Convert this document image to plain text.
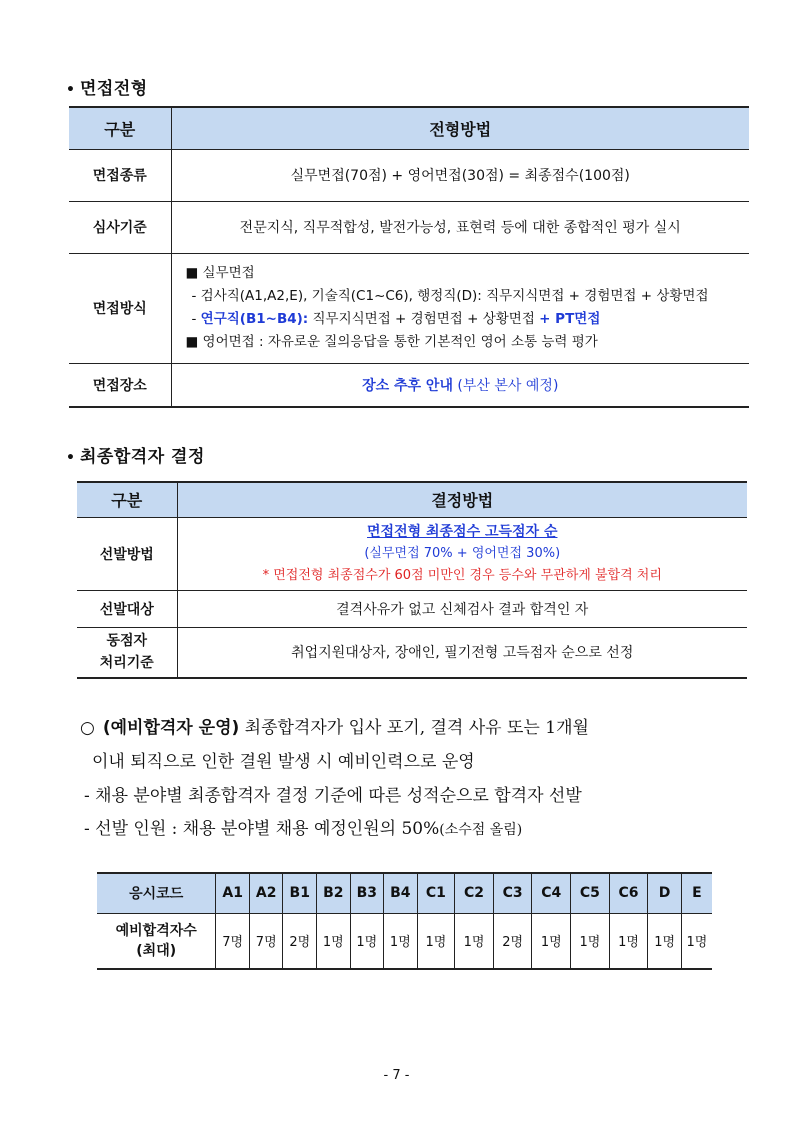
• 면접전형
구분	전형방법
면접종류	실무면접(70점) + 영어면접(30점) = 최종점수(100점)
심사기준	전문지식, 직무적합성, 발전가능성, 표현력 등에 대한 종합적인 평가 실시
면접방식	■ 실무면접
- 검사직(A1,A2,E), 기술직(C1~C6), 행정직(D): 직무지식면접 + 경험면접 + 상황면접
- 연구직(B1~B4): 직무지식면접 + 경험면접 + 상황면접 + PT면접
■ 영어면접 : 자유로운 질의응답을 통한 기본적인 영어 소통 능력 평가

면접장소	장소 추후 안내 (부산 본사 예정)
• 최종합격자 결정
구분	결정방법
선발방법	면접전형 최종점수 고득점자 순
(실무면접 70% + 영어면접 30%)
* 면접전형 최종점수가 60점 미만인 경우 등수와 무관하게 불합격 처리

선발대상	결격사유가 없고 신체검사 결과 합격인 자

동점자
처리기준	취업지원대상자, 장애인, 필기전형 고득점자 순으로 선정
○ (예비합격자 운영) 최종합격자가 입사 포기, 결격 사유 또는 1개월
이내 퇴직으로 인한 결원 발생 시 예비인력으로 운영
- 채용 분야별 최종합격자 결정 기준에 따른 성적순으로 합격자 선발
- 선발 인원 : 채용 분야별 채용 예정인원의 50%(소수점 올림)
응시코드	A1	A2	B1	B2	B3	B4	C1	C2	C3	C4	C5	C6	D	E

예비합격자수
(최대)	7명	7명	2명	1명	1명	1명	1명	1명	2명	1명	1명	1명	1명	1명
- 7 -
